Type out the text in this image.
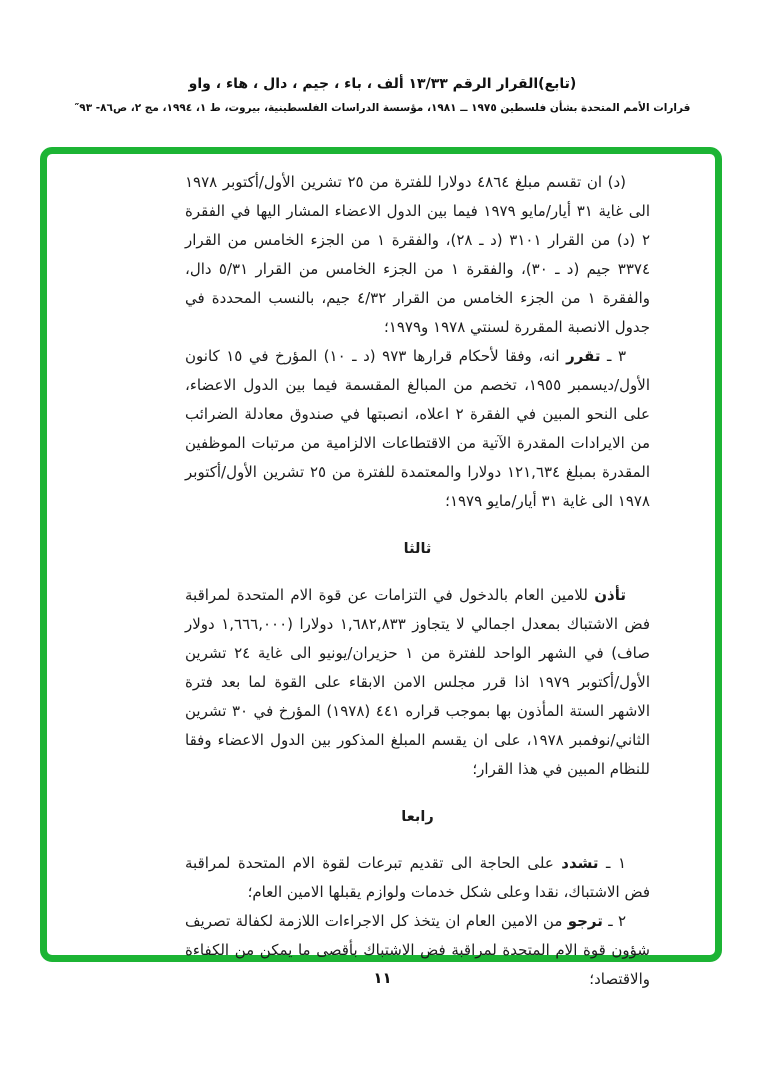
(تابع)القرار الرقم ١٣/٣٣ ألف ، باء ، جيم ، دال ، هاء ، واو
قرارات الأمم المتحدة بشأن فلسطين ١٩٧٥ ــ ١٩٨١، مؤسسة الدراسات الفلسطينية، بيروت، ط ١، ١٩٩٤، مج ٢، ص٨٦- ٩٣″

(د) ان تقسم مبلغ ٤٨٦٤ دولارا للفترة من ٢٥ تشرين الأول/أكتوبر ١٩٧٨ الى غاية ٣١ أيار/مايو ١٩٧٩ فيما بين الدول الاعضاء المشار اليها في الفقرة ٢ (د) من القرار ٣١٠١ (د ـ ٢٨)، والفقرة ١ من الجزء الخامس من القرار ٣٣٧٤ جيم (د ـ ٣٠)، والفقرة ١ من الجزء الخامس من القرار ٥/٣١ دال، والفقرة ١ من الجزء الخامس من القرار ٤/٣٢ جيم، بالنسب المحددة في جدول الانصبة المقررة لسنتي ١٩٧٨ و١٩٧٩؛

٣ ـ تقرر انه، وفقا لأحكام قرارها ٩٧٣ (د ـ ١٠) المؤرخ في ١٥ كانون الأول/ديسمبر ١٩٥٥، تخصم من المبالغ المقسمة فيما بين الدول الاعضاء، على النحو المبين في الفقرة ٢ اعلاه، انصبتها في صندوق معادلة الضرائب من الايرادات المقدرة الآتية من الاقتطاعات الالزامية من مرتبات الموظفين المقدرة بمبلغ ١٢١,٦٣٤ دولارا والمعتمدة للفترة من ٢٥ تشرين الأول/أكتوبر ١٩٧٨ الى غاية ٣١ أيار/مايو ١٩٧٩؛

ثالثا

تأذن للامين العام بالدخول في التزامات عن قوة الام المتحدة لمراقبة فض الاشتباك بمعدل اجمالي لا يتجاوز ١,٦٨٢,٨٣٣ دولارا (١,٦٦٦,٠٠٠ دولار صاف) في الشهر الواحد للفترة من ١ حزيران/يونيو الى غاية ٢٤ تشرين الأول/أكتوبر ١٩٧٩ اذا قرر مجلس الامن الابقاء على القوة لما بعد فترة الاشهر الستة المأذون بها بموجب قراره ٤٤١ (١٩٧٨) المؤرخ في ٣٠ تشرين الثاني/نوفمبر ١٩٧٨، على ان يقسم المبلغ المذكور بين الدول الاعضاء وفقا للنظام المبين في هذا القرار؛

رابعا

١ ـ تشدد على الحاجة الى تقديم تبرعات لقوة الام المتحدة لمراقبة فض الاشتباك، نقدا وعلى شكل خدمات ولوازم يقبلها الامين العام؛

٢ ـ ترجو من الامين العام ان يتخذ كل الاجراءات اللازمة لكفالة تصريف شؤون قوة الام المتحدة لمراقبة فض الاشتباك بأقصى ما يمكن من الكفاءة والاقتصاد؛

١١
